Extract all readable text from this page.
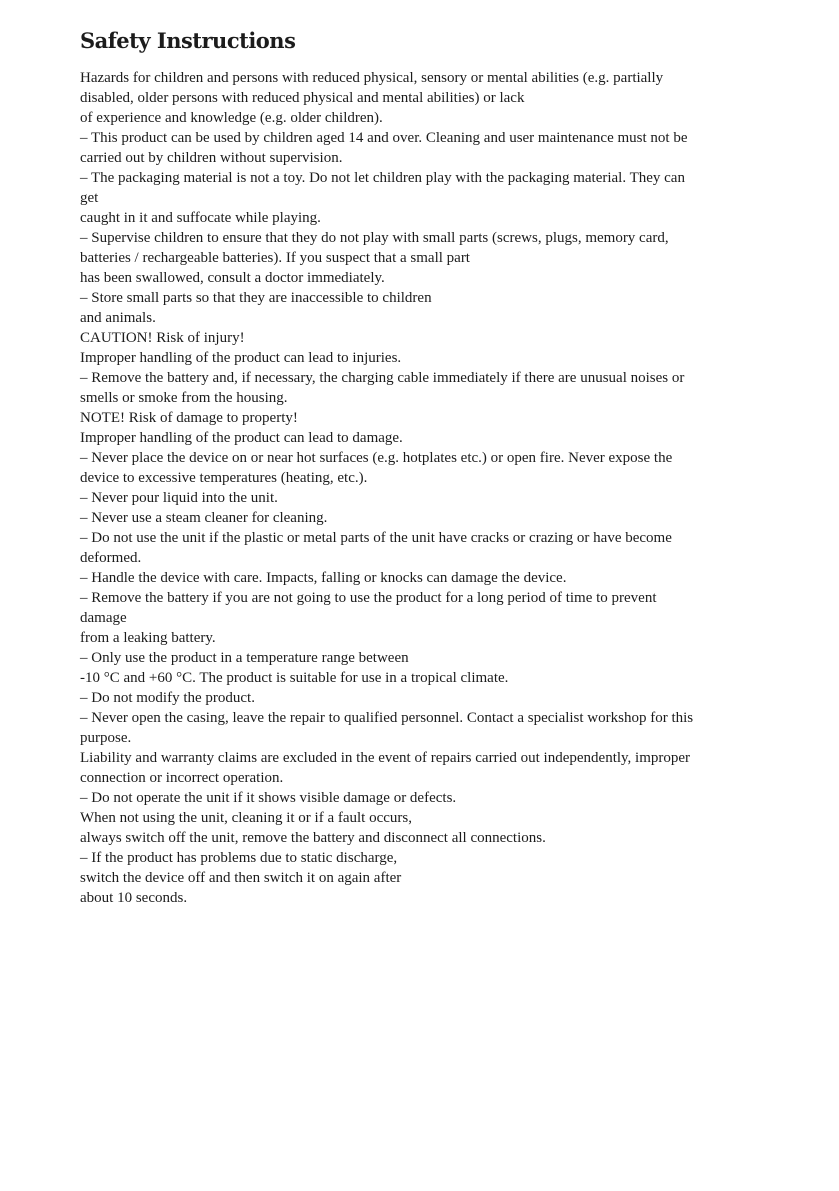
Safety Instructions
Hazards for children and persons with reduced physical, sensory or mental abilities (e.g. partially
disabled, older persons with reduced physical and mental abilities) or lack
of experience and knowledge (e.g. older children).
– This product can be used by children aged 14 and over. Cleaning and user maintenance must not be
carried out by children without supervision.
– The packaging material is not a toy. Do not let children play with the packaging material. They can
get
caught in it and suffocate while playing.
– Supervise children to ensure that they do not play with small parts (screws, plugs, memory card,
batteries / rechargeable batteries). If you suspect that a small part
has been swallowed, consult a doctor immediately.
– Store small parts so that they are inaccessible to children
and animals.
CAUTION! Risk of injury!
Improper handling of the product can lead to injuries.
– Remove the battery and, if necessary, the charging cable immediately if there are unusual noises or
smells or smoke from the housing.
NOTE! Risk of damage to property!
Improper handling of the product can lead to damage.
– Never place the device on or near hot surfaces (e.g. hotplates etc.) or open fire. Never expose the
device to excessive temperatures (heating, etc.).
– Never pour liquid into the unit.
– Never use a steam cleaner for cleaning.
– Do not use the unit if the plastic or metal parts of the unit have cracks or crazing or have become
deformed.
– Handle the device with care. Impacts, falling or knocks can damage the device.
– Remove the battery if you are not going to use the product for a long period of time to prevent
damage
from a leaking battery.
– Only use the product in a temperature range between
-10 °C and +60 °C. The product is suitable for use in a tropical climate.
– Do not modify the product.
– Never open the casing, leave the repair to qualified personnel. Contact a specialist workshop for this
purpose.
Liability and warranty claims are excluded in the event of repairs carried out independently, improper
connection or incorrect operation.
– Do not operate the unit if it shows visible damage or defects.
When not using the unit, cleaning it or if a fault occurs,
always switch off the unit, remove the battery and disconnect all connections.
– If the product has problems due to static discharge,
switch the device off and then switch it on again after
about 10 seconds.
